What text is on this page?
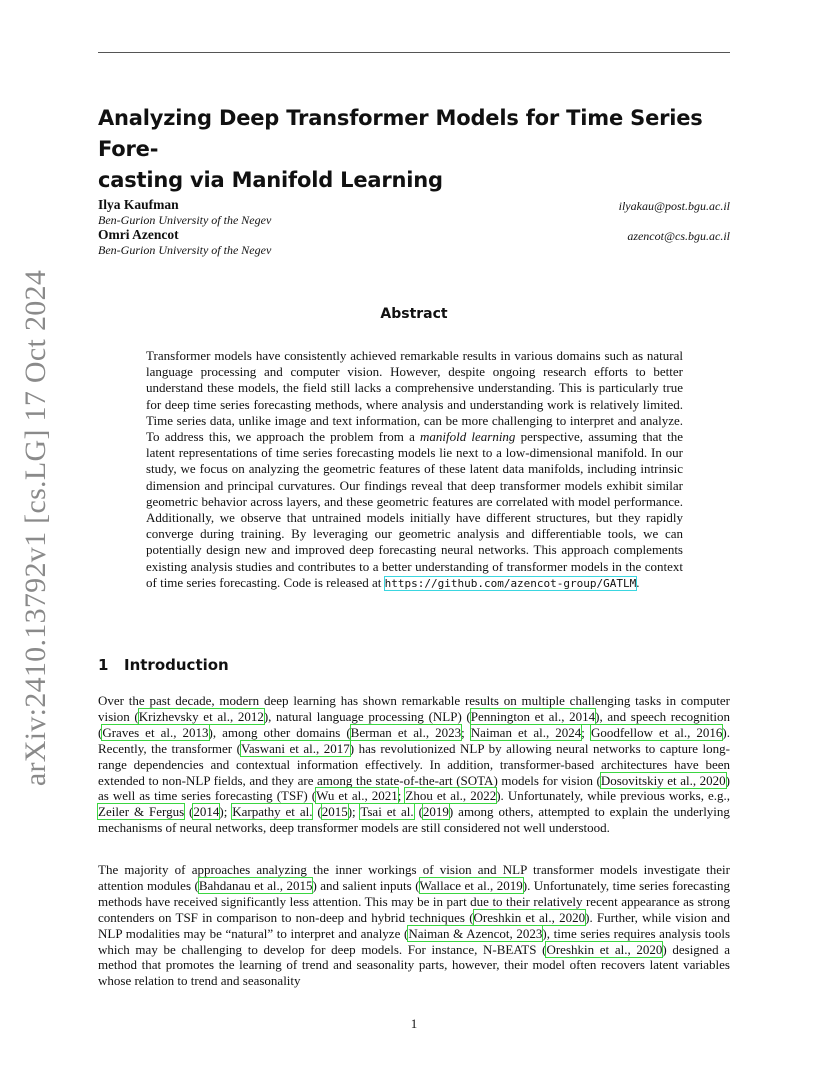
arXiv:2410.13792v1 [cs.LG] 17 Oct 2024
Analyzing Deep Transformer Models for Time Series Fore-
casting via Manifold Learning
Ilya Kaufman	ilyakau@post.bgu.ac.il
Ben-Gurion University of the Negev
Omri Azencot	azencot@cs.bgu.ac.il
Ben-Gurion University of the Negev
Abstract

Transformer models have consistently achieved remarkable results in various domains such as natural language processing and computer vision. However, despite ongoing research efforts to better understand these models, the field still lacks a comprehensive understanding. This is particularly true for deep time series forecasting methods, where analysis and understanding work is relatively limited. Time series data, unlike image and text information, can be more challenging to interpret and analyze. To address this, we approach the problem from a manifold learning perspective, assuming that the latent representations of time series forecasting models lie next to a low-dimensional manifold. In our study, we focus on analyzing the geometric features of these latent data manifolds, including intrinsic dimension and principal curvatures. Our findings reveal that deep transformer models exhibit similar geometric behavior across layers, and these geometric features are correlated with model performance. Additionally, we observe that untrained models initially have different structures, but they rapidly converge during training. By leveraging our geometric analysis and differentiable tools, we can potentially design new and improved deep forecasting neural networks. This approach complements existing analysis studies and contributes to a better understanding of transformer models in the context of time series forecasting. Code is released at https://github.com/azencot-group/GATLM.

1 Introduction

Over the past decade, modern deep learning has shown remarkable results on multiple challenging tasks in computer vision (Krizhevsky et al., 2012), natural language processing (NLP) (Pennington et al., 2014), and speech recognition (Graves et al., 2013), among other domains (Berman et al., 2023; Naiman et al., 2024; Goodfellow et al., 2016). Recently, the transformer (Vaswani et al., 2017) has revolutionized NLP by allowing neural networks to capture long-range dependencies and contextual information effectively. In addition, transformer-based architectures have been extended to non-NLP fields, and they are among the state-of-the-art (SOTA) models for vision (Dosovitskiy et al., 2020) as well as time series forecasting (TSF) (Wu et al., 2021; Zhou et al., 2022). Unfortunately, while previous works, e.g., Zeiler & Fergus (2014); Karpathy et al. (2015); Tsai et al. (2019) among others, attempted to explain the underlying mechanisms of neural networks, deep transformer models are still considered not well understood.

The majority of approaches analyzing the inner workings of vision and NLP transformer models investigate their attention modules (Bahdanau et al., 2015) and salient inputs (Wallace et al., 2019). Unfortunately, time series forecasting methods have received significantly less attention. This may be in part due to their relatively recent appearance as strong contenders on TSF in comparison to non-deep and hybrid techniques (Oreshkin et al., 2020). Further, while vision and NLP modalities may be “natural” to interpret and analyze (Naiman & Azencot, 2023), time series requires analysis tools which may be challenging to develop for deep models. For instance, N-BEATS (Oreshkin et al., 2020) designed a method that promotes the learning of trend and seasonality parts, however, their model often recovers latent variables whose relation to trend and seasonality

1
